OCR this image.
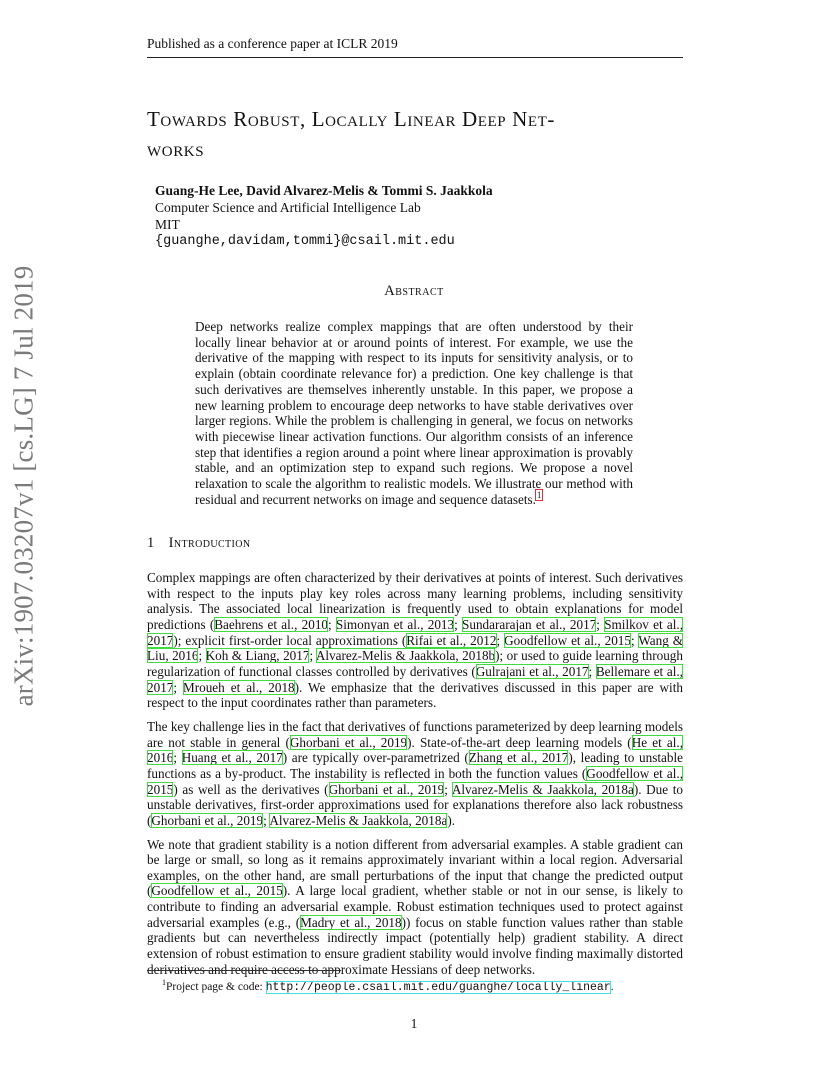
arXiv:1907.03207v1 [cs.LG] 7 Jul 2019
Published as a conference paper at ICLR 2019
Towards Robust, Locally Linear Deep Net-
works
Guang-He Lee, David Alvarez-Melis & Tommi S. Jaakkola
Computer Science and Artificial Intelligence Lab
MIT
{guanghe,davidam,tommi}@csail.mit.edu
Abstract
Deep networks realize complex mappings that are often understood by their locally linear behavior at or around points of interest. For example, we use the derivative of the mapping with respect to its inputs for sensitivity analysis, or to explain (obtain coordinate relevance for) a prediction. One key challenge is that such derivatives are themselves inherently unstable. In this paper, we propose a new learning problem to encourage deep networks to have stable derivatives over larger regions. While the problem is challenging in general, we focus on networks with piecewise linear activation functions. Our algorithm consists of an inference step that identifies a region around a point where linear approximation is provably stable, and an optimization step to expand such regions. We propose a novel relaxation to scale the algorithm to realistic models. We illustrate our method with residual and recurrent networks on image and sequence datasets.$^1$
1 Introduction

Complex mappings are often characterized by their derivatives at points of interest. Such derivatives with respect to the inputs play key roles across many learning problems, including sensitivity analysis. The associated local linearization is frequently used to obtain explanations for model predictions (Baehrens et al., 2010; Simonyan et al., 2013; Sundararajan et al., 2017; Smilkov et al., 2017); explicit first-order local approximations (Rifai et al., 2012; Goodfellow et al., 2015; Wang & Liu, 2016; Koh & Liang, 2017; Alvarez-Melis & Jaakkola, 2018b); or used to guide learning through regularization of functional classes controlled by derivatives (Gulrajani et al., 2017; Bellemare et al., 2017; Mroueh et al., 2018). We emphasize that the derivatives discussed in this paper are with respect to the input coordinates rather than parameters.

The key challenge lies in the fact that derivatives of functions parameterized by deep learning models are not stable in general (Ghorbani et al., 2019). State-of-the-art deep learning models (He et al., 2016; Huang et al., 2017) are typically over-parametrized (Zhang et al., 2017), leading to unstable functions as a by-product. The instability is reflected in both the function values (Goodfellow et al., 2015) as well as the derivatives (Ghorbani et al., 2019; Alvarez-Melis & Jaakkola, 2018a). Due to unstable derivatives, first-order approximations used for explanations therefore also lack robustness (Ghorbani et al., 2019; Alvarez-Melis & Jaakkola, 2018a).

We note that gradient stability is a notion different from adversarial examples. A stable gradient can be large or small, so long as it remains approximately invariant within a local region. Adversarial examples, on the other hand, are small perturbations of the input that change the predicted output (Goodfellow et al., 2015). A large local gradient, whether stable or not in our sense, is likely to contribute to finding an adversarial example. Robust estimation techniques used to protect against adversarial examples (e.g., (Madry et al., 2018)) focus on stable function values rather than stable gradients but can nevertheless indirectly impact (potentially help) gradient stability. A direct extension of robust estimation to ensure gradient stability would involve finding maximally distorted derivatives and require access to approximate Hessians of deep networks.

$^1$Project page & code: http://people.csail.mit.edu/guanghe/locally_linear.
1
